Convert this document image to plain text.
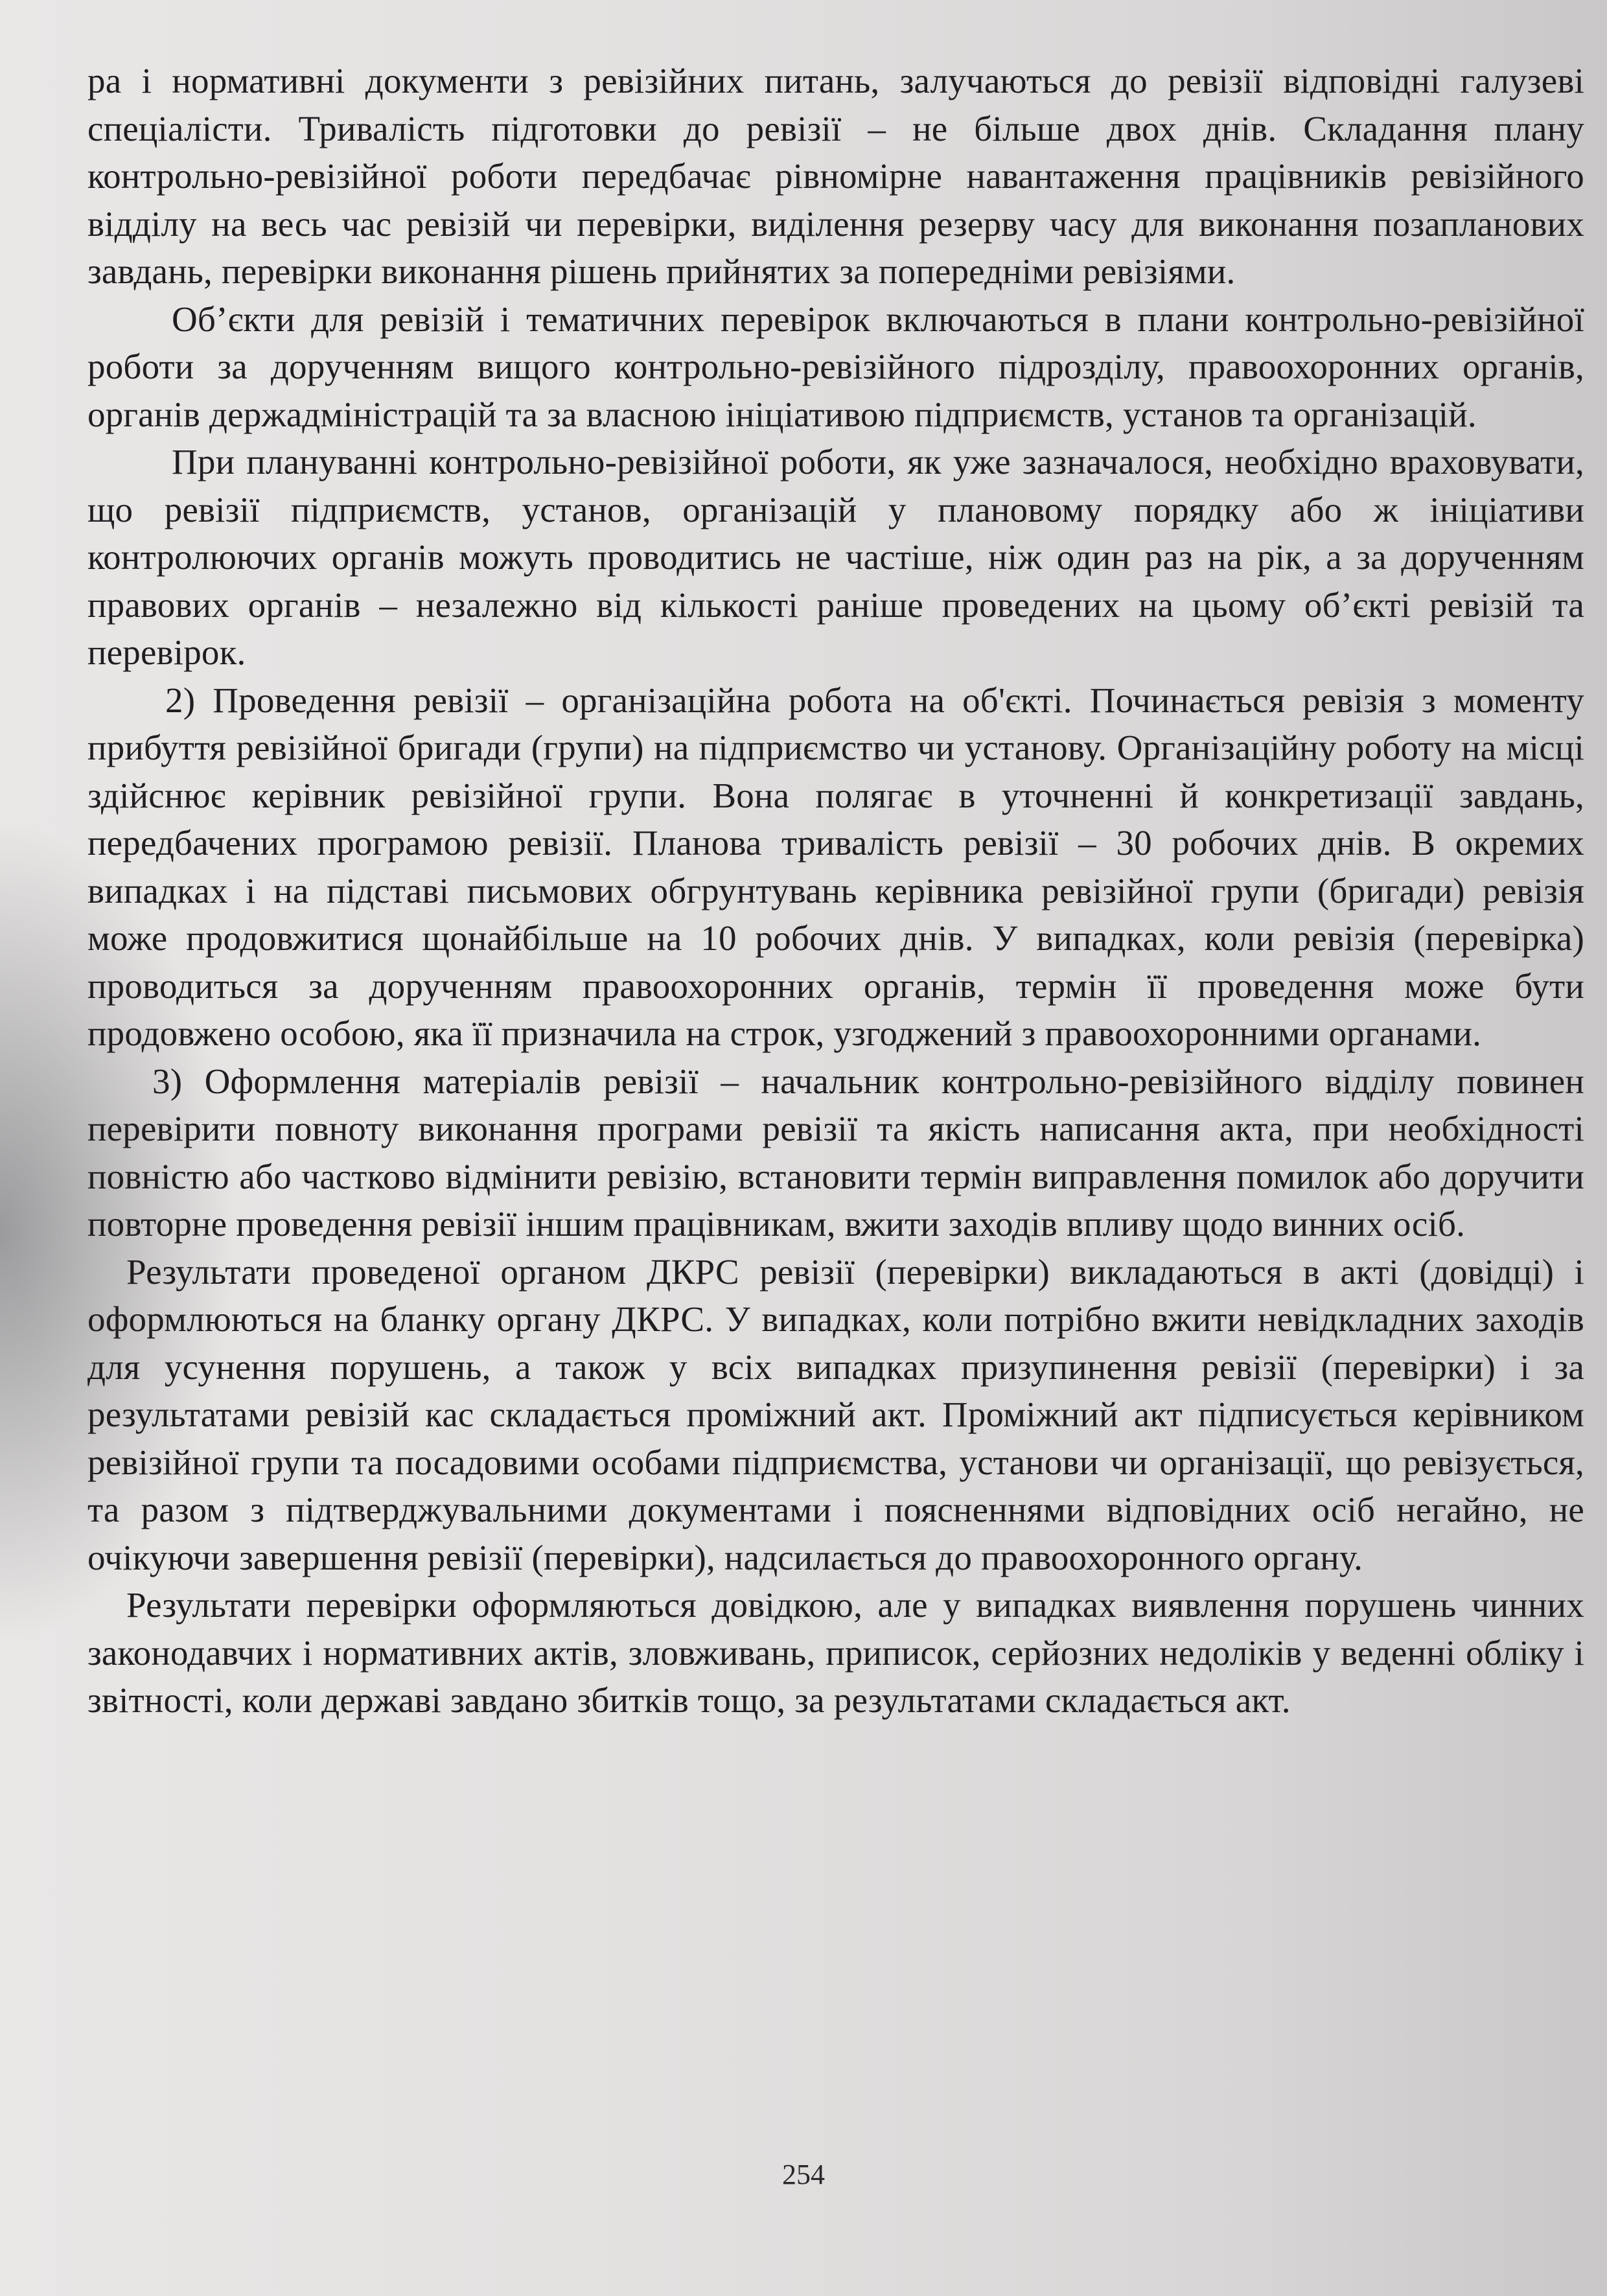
ра і нормативні документи з ревізійних питань, залучаються до ревізії відповідні галузеві спеціалісти. Тривалість підготовки до ревізії – не більше двох днів. Складання плану контрольно-ревізійної роботи передбачає рівномірне навантаження працівників ревізійного відділу на весь час ревізій чи перевірки, виділення резерву часу для виконання позапланових завдань, перевірки виконання рішень прийнятих за попередніми ревізіями.

Об’єкти для ревізій і тематичних перевірок включаються в плани контрольно-ревізійної роботи за дорученням вищого контрольно-ревізійного підрозділу, правоохоронних органів, органів держадміністрацій та за власною ініціативою підприємств, установ та організацій.

При плануванні контрольно-ревізійної роботи, як уже зазначалося, необхідно враховувати, що ревізії підприємств, установ, організацій у плановому порядку або ж ініціативи контролюючих органів можуть проводитись не частіше, ніж один раз на рік, а за дорученням правових органів – незалежно від кількості раніше проведених на цьому об’єкті ревізій та перевірок.

2) Проведення ревізії – організаційна робота на об'єкті. Починається ревiзія з моменту прибуття ревізійної бригади (групи) на підприємство чи установу. Організаційну роботу на місці здійснює керівник ревізійної групи. Вона полягає в уточненні й конкретизації завдань, передбачених програмою ревізії. Планова тривалість ревізії – 30 робочих днів. В окремих випадках і на підставі письмових обгрунтувань керівника ревізійної групи (бригади) ревізія може продовжитися щонайбільше на 10 робочих днів. У випадках, коли ревізія (перевірка) проводиться за дорученням правоохоронних органів, термін її проведення може бути продовжено особою, яка її призначила на строк, узгоджений з правоохоронними органами.

3) Оформлення матеріалів ревізії – начальник контрольно-ревізійного відділу повинен перевірити повноту виконання програми ревізії та якість написання акта, при необхідності повністю або частково відмінити ревізію, встановити термін виправлення помилок або доручити повторне проведення ревізії іншим працівникам, вжити заходів впливу щодо винних осіб.

Результати проведеної органом ДКРС ревізії (перевірки) викладаються в акті (довідці) і оформлюються на бланку органу ДКРС. У випадках, коли потрібно вжити невідкладних заходів для усунення порушень, а також у всіх випадках призупинення ревізії (перевірки) і за результатами ревізій кас складається проміжний акт. Проміжний акт підписується керівником ревізійної групи та посадовими особами підприємства, установи чи організації, що ревізується, та разом з підтверджувальними документами і поясненнями відповідних осіб негайно, не очікуючи завершення ревізії (перевірки), надсилається до правоохоронного органу.

Результати перевірки оформляються довідкою, але у випадках виявлення порушень чинних законодавчих і нормативних актів, зловживань, приписок, серйозних недоліків у веденні обліку і звітності, коли державі завдано збитків тощо, за результатами складається акт.

254
